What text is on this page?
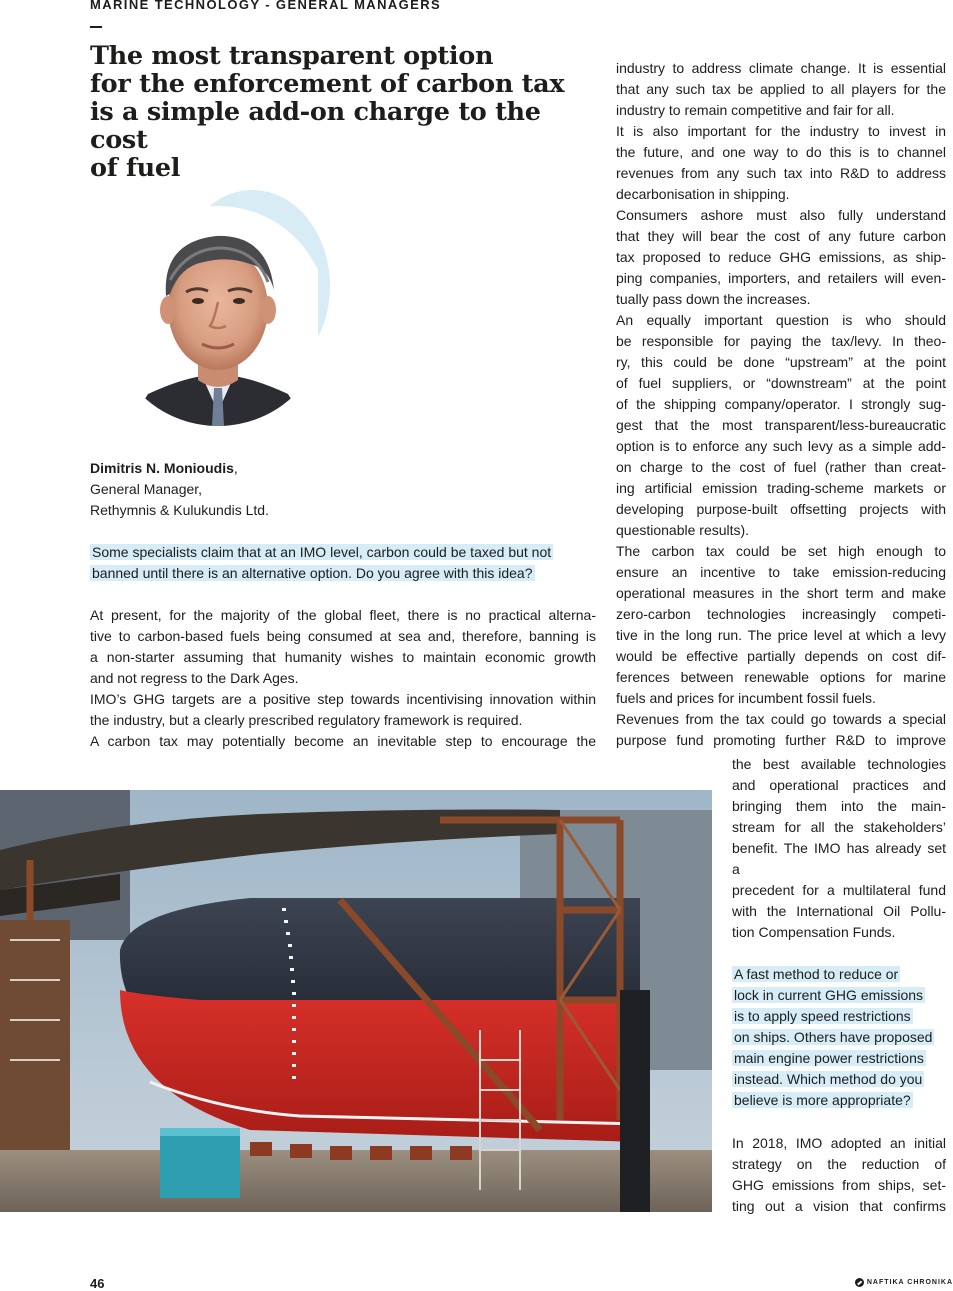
MARINE TECHNOLOGY - GENERAL MANAGERS
The most transparent option
for the enforcement of carbon tax
is a simple add-on charge to the cost
of fuel
Dimitris N. Monioudis,
General Manager,
Rethymnis & Kulukundis Ltd.
Some specialists claim that at an IMO level, carbon could be taxed but not
banned until there is an alternative option. Do you agree with this idea?
At present, for the majority of the global fleet, there is no practical alterna-
tive to carbon-based fuels being consumed at sea and, therefore, banning is
a non-starter assuming that humanity wishes to maintain economic growth
and not regress to the Dark Ages.
IMO’s GHG targets are a positive step towards incentivising innovation within
the industry, but a clearly prescribed regulatory framework is required.
A carbon tax may potentially become an inevitable step to encourage the
industry to address climate change. It is essential
that any such tax be applied to all players for the
industry to remain competitive and fair for all.
It is also important for the industry to invest in
the future, and one way to do this is to channel
revenues from any such tax into R&D to address
decarbonisation in shipping.
Consumers ashore must also fully understand
that they will bear the cost of any future carbon
tax proposed to reduce GHG emissions, as ship-
ping companies, importers, and retailers will even-
tually pass down the increases.
An equally important question is who should
be responsible for paying the tax/levy. In theo-
ry, this could be done “upstream” at the point
of fuel suppliers, or “downstream” at the point
of the shipping company/operator. I strongly sug-
gest that the most transparent/less-bureaucratic
option is to enforce any such levy as a simple add-
on charge to the cost of fuel (rather than creat-
ing artificial emission trading-scheme markets or
developing purpose-built offsetting projects with
questionable results).
The carbon tax could be set high enough to
ensure an incentive to take emission-reducing
operational measures in the short term and make
zero-carbon technologies increasingly competi-
tive in the long run. The price level at which a levy
would be effective partially depends on cost dif-
ferences between renewable options for marine
fuels and prices for incumbent fossil fuels.
Revenues from the tax could go towards a special
purpose fund promoting further R&D to improve
the best available technologies
and operational practices and
bringing them into the main-
stream for all the stakeholders’
benefit. The IMO has already set a
precedent for a multilateral fund
with the International Oil Pollu-
tion Compensation Funds.
A fast method to reduce or
lock in current GHG emissions
is to apply speed restrictions
on ships. Others have proposed
main engine power restrictions
instead. Which method do you
believe is more appropriate?
In 2018, IMO adopted an initial
strategy on the reduction of
GHG emissions from ships, set-
ting out a vision that confirms
46	NAFTIKA CHRONIKA
